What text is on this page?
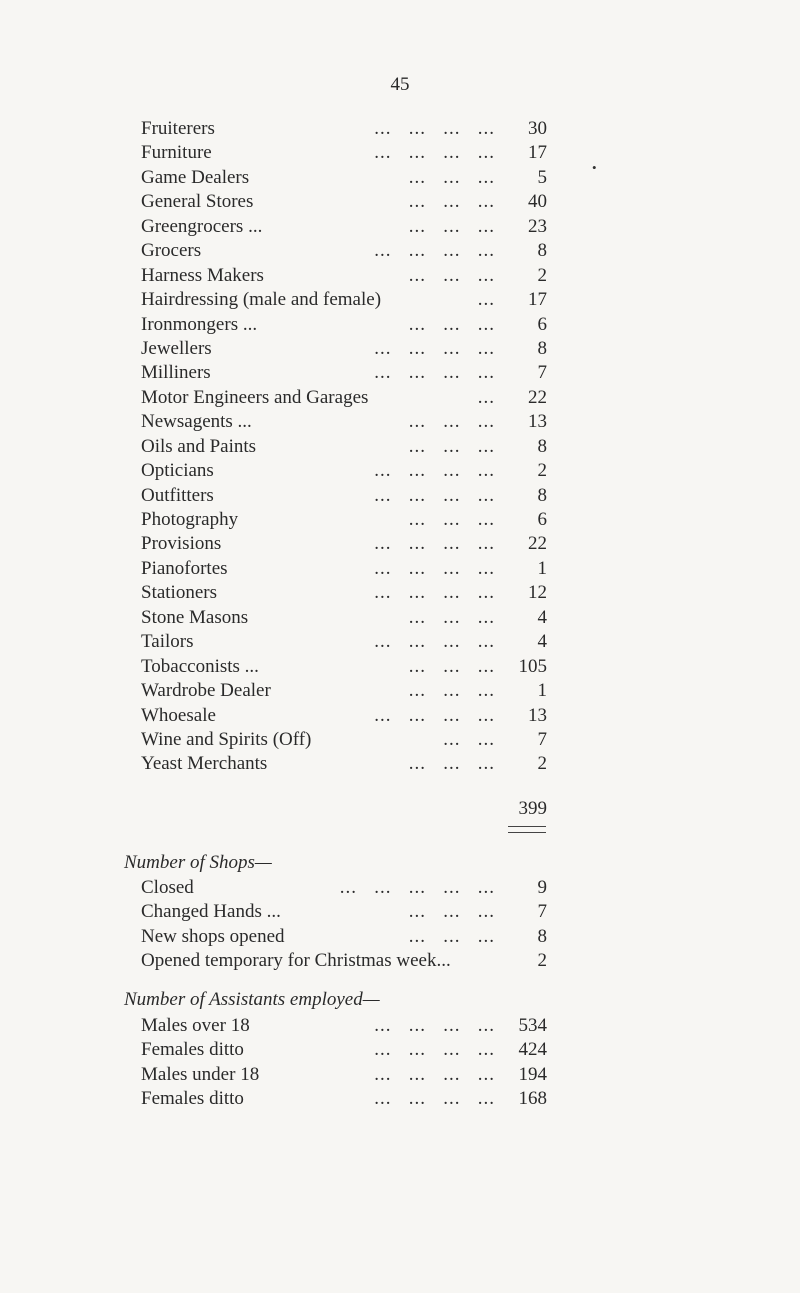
45
•
Fruiterers	...   ...   ...   ... 30
Furniture	...   ...   ...   ... 17
Game Dealers	...   ...   ... 5
General Stores	...   ...   ... 40
Greengrocers ...	...   ...   ... 23
Grocers	...   ...   ...   ... 8
Harness Makers	...   ...   ... 2
Hairdressing (male and female)	... 17
Ironmongers ...	...   ...   ... 6
Jewellers	...   ...   ...   ... 8
Milliners	...   ...   ...   ... 7
Motor Engineers and Garages	... 22
Newsagents ...	...   ...   ... 13
Oils and Paints	...   ...   ... 8
Opticians	...   ...   ...   ... 2
Outfitters	...   ...   ...   ... 8
Photography	...   ...   ... 6
Provisions	...   ...   ...   ... 22
Pianofortes	...   ...   ...   ... 1
Stationers	...   ...   ...   ... 12
Stone Masons	...   ...   ... 4
Tailors	...   ...   ...   ... 4
Tobacconists ...	...   ...   ... 105
Wardrobe Dealer	...   ...   ... 1
Whoesale	...   ...   ...   ... 13
Wine and Spirits (Off)	...   ... 7
Yeast Merchants	...   ...   ... 2
399
Number of Shops—
Closed	...   ...   ...   ...   ... 9
Changed Hands ...	...   ...   ... 7
New shops opened	...   ...   ... 8
Opened temporary for Christmas week...	2
Number of Assistants employed—
Males over 18	...   ...   ...   ... 534
Females ditto	...   ...   ...   ... 424
Males under 18	...   ...   ...   ... 194
Females ditto	...   ...   ...   ... 168
